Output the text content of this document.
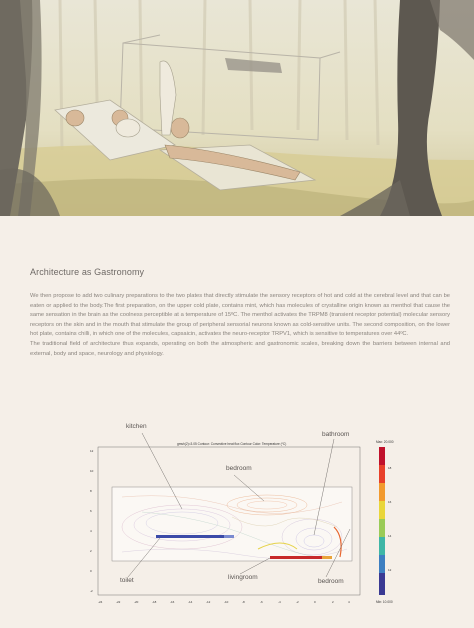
Architecture as Gastronomy

We then propose to add two culinary preparations to the two plates that directly stimulate the sensory receptors of hot and cold at the cerebral level and that can be eaten or applied to the body.The first preparation, on the upper cold plate, contains mint, which has molecules of crystalline origin known as menthol that cause the same sensation in the brain as the coolness perceptible at a temperature of 15ºC. The menthol activates the TRPM8 (transient receptor potential) molecular sensory receptors on the skin and in the mouth that stimulate the group of peripheral sensorial neurons known as cold-sensitive units. The second composition, on the lower hot plate, contains chilli, in which one of the molecules, capsaicin, activates the neuro-receptor TRPV1, which is sensitive to temperatures over 44ºC.

The traditional field of architecture thus expands, operating on both the atmospheric and gastronomic scales, breaking down the barriers between internal and external, body and space, neurology and physiology.

gmsh(2)=3.05 Contour: Convective heat flux Contour Color: Temperature (ºC)
12
10
8
6
4
2
0
-2
-24	-22	-20	-18	-16	-14	-12	-10	-8	-6	-4	-2	0	2	4
Max: 20.000
Min: 10.000
18
16
14
12
kitchen
bathroom
bedroom
toilet	livingroom
bedroom
